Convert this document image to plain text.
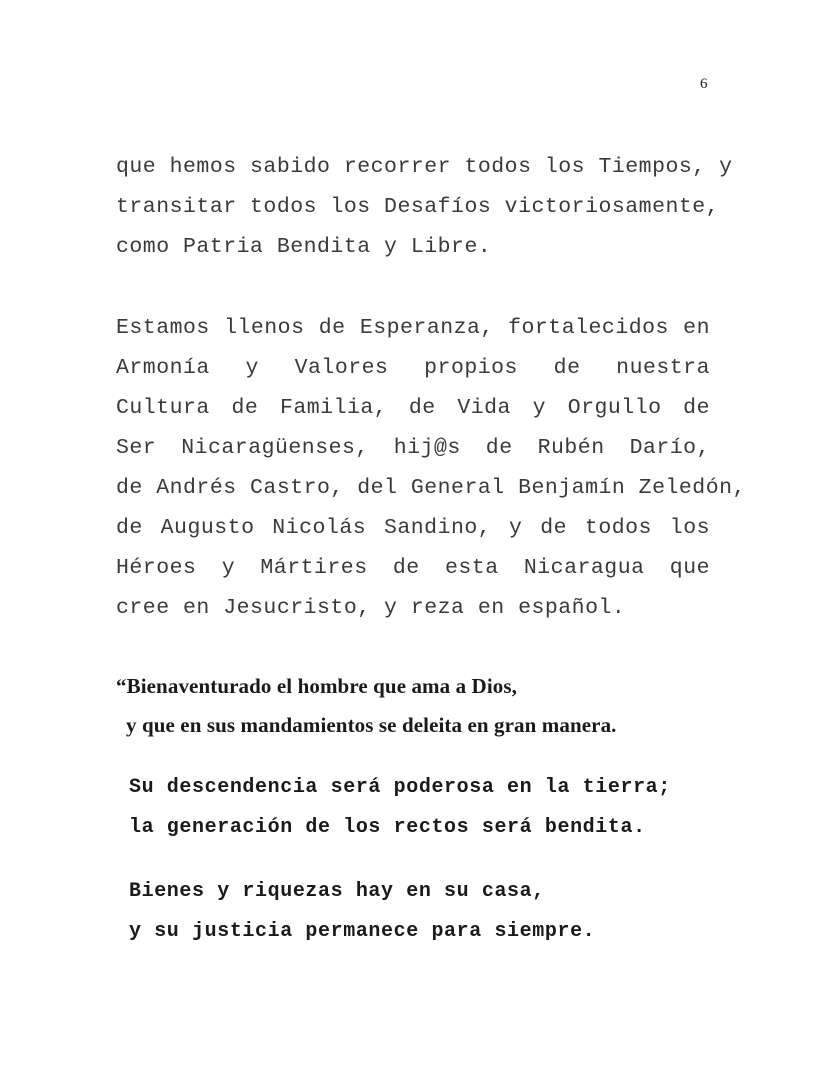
6
que hemos sabido recorrer todos los Tiempos, y
transitar todos los Desafíos victoriosamente,
como Patria Bendita y Libre.
Estamos llenos de Esperanza, fortalecidos en
Armonía y Valores propios de nuestra
Cultura de Familia, de Vida y Orgullo de
Ser Nicaragüenses, hij@s de Rubén Darío,
de Andrés Castro, del General Benjamín Zeledón,
de Augusto Nicolás Sandino, y de todos los
Héroes y Mártires de esta Nicaragua que
cree en Jesucristo, y reza en español.
“Bienaventurado el hombre que ama a Dios,
y que en sus mandamientos se deleita en gran manera.
Su descendencia será poderosa en la tierra;
la generación de los rectos será bendita.
Bienes y riquezas hay en su casa,
y su justicia permanece para siempre.
